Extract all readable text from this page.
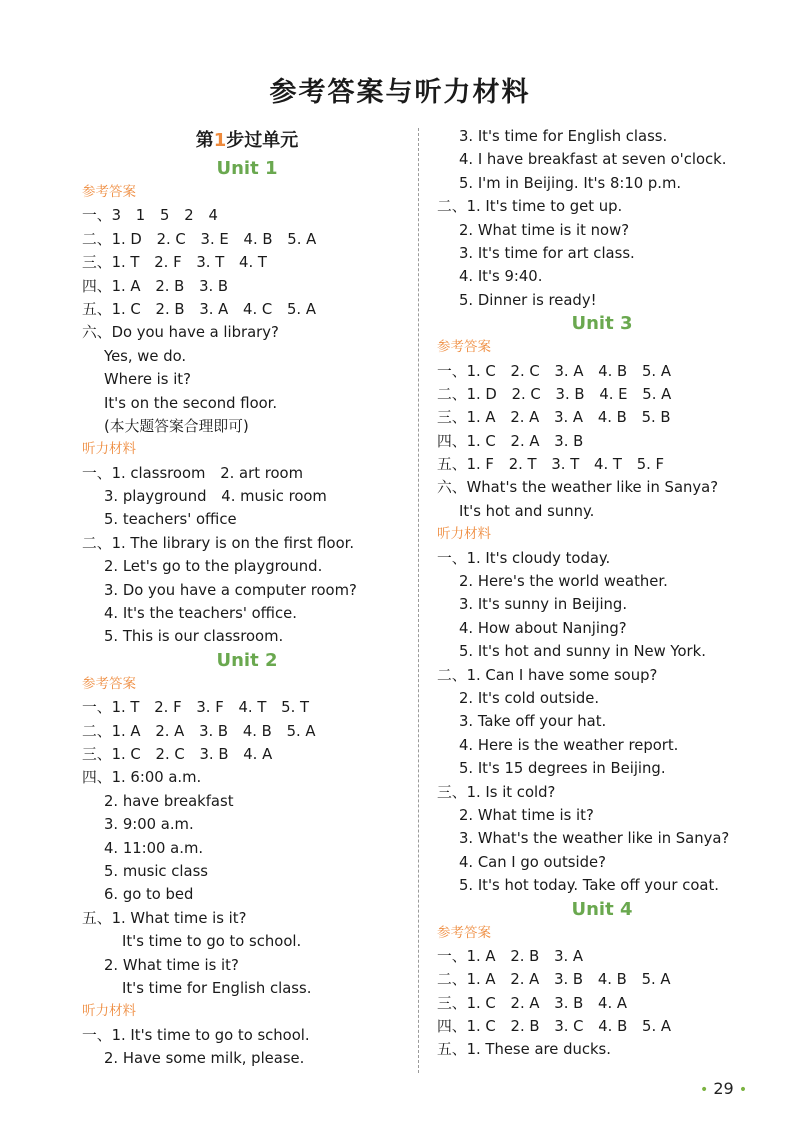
参考答案与听力材料
第1步过单元
Unit 1
参考答案
一、3　1　5　2　4
二、1. D　2. C　3. E　4. B　5. A
三、1. T　2. F　3. T　4. T
四、1. A　2. B　3. B
五、1. C　2. B　3. A　4. C　5. A
六、Do you have a library?
Yes, we do.
Where is it?
It's on the second floor.
(本大题答案合理即可)
听力材料
一、1. classroom　2. art room
3. playground　4. music room
5. teachers' office
二、1. The library is on the first floor.
2. Let's go to the playground.
3. Do you have a computer room?
4. It's the teachers' office.
5. This is our classroom.
Unit 2
参考答案
一、1. T　2. F　3. F　4. T　5. T
二、1. A　2. A　3. B　4. B　5. A
三、1. C　2. C　3. B　4. A
四、1. 6:00 a.m.
2. have breakfast
3. 9:00 a.m.
4. 11:00 a.m.
5. music class
6. go to bed
五、1. What time is it?
It's time to go to school.
2. What time is it?
It's time for English class.
听力材料
一、1. It's time to go to school.
2. Have some milk, please.
3. It's time for English class.
4. I have breakfast at seven o'clock.
5. I'm in Beijing. It's 8:10 p.m.
二、1. It's time to get up.
2. What time is it now?
3. It's time for art class.
4. It's 9:40.
5. Dinner is ready!
Unit 3
参考答案
一、1. C　2. C　3. A　4. B　5. A
二、1. D　2. C　3. B　4. E　5. A
三、1. A　2. A　3. A　4. B　5. B
四、1. C　2. A　3. B
五、1. F　2. T　3. T　4. T　5. F
六、What's the weather like in Sanya?
It's hot and sunny.
听力材料
一、1. It's cloudy today.
2. Here's the world weather.
3. It's sunny in Beijing.
4. How about Nanjing?
5. It's hot and sunny in New York.
二、1. Can I have some soup?
2. It's cold outside.
3. Take off your hat.
4. Here is the weather report.
5. It's 15 degrees in Beijing.
三、1. Is it cold?
2. What time is it?
3. What's the weather like in Sanya?
4. Can I go outside?
5. It's hot today. Take off your coat.
Unit 4
参考答案
一、1. A　2. B　3. A
二、1. A　2. A　3. B　4. B　5. A
三、1. C　2. A　3. B　4. A
四、1. C　2. B　3. C　4. B　5. A
五、1. These are ducks.
• 29 •
